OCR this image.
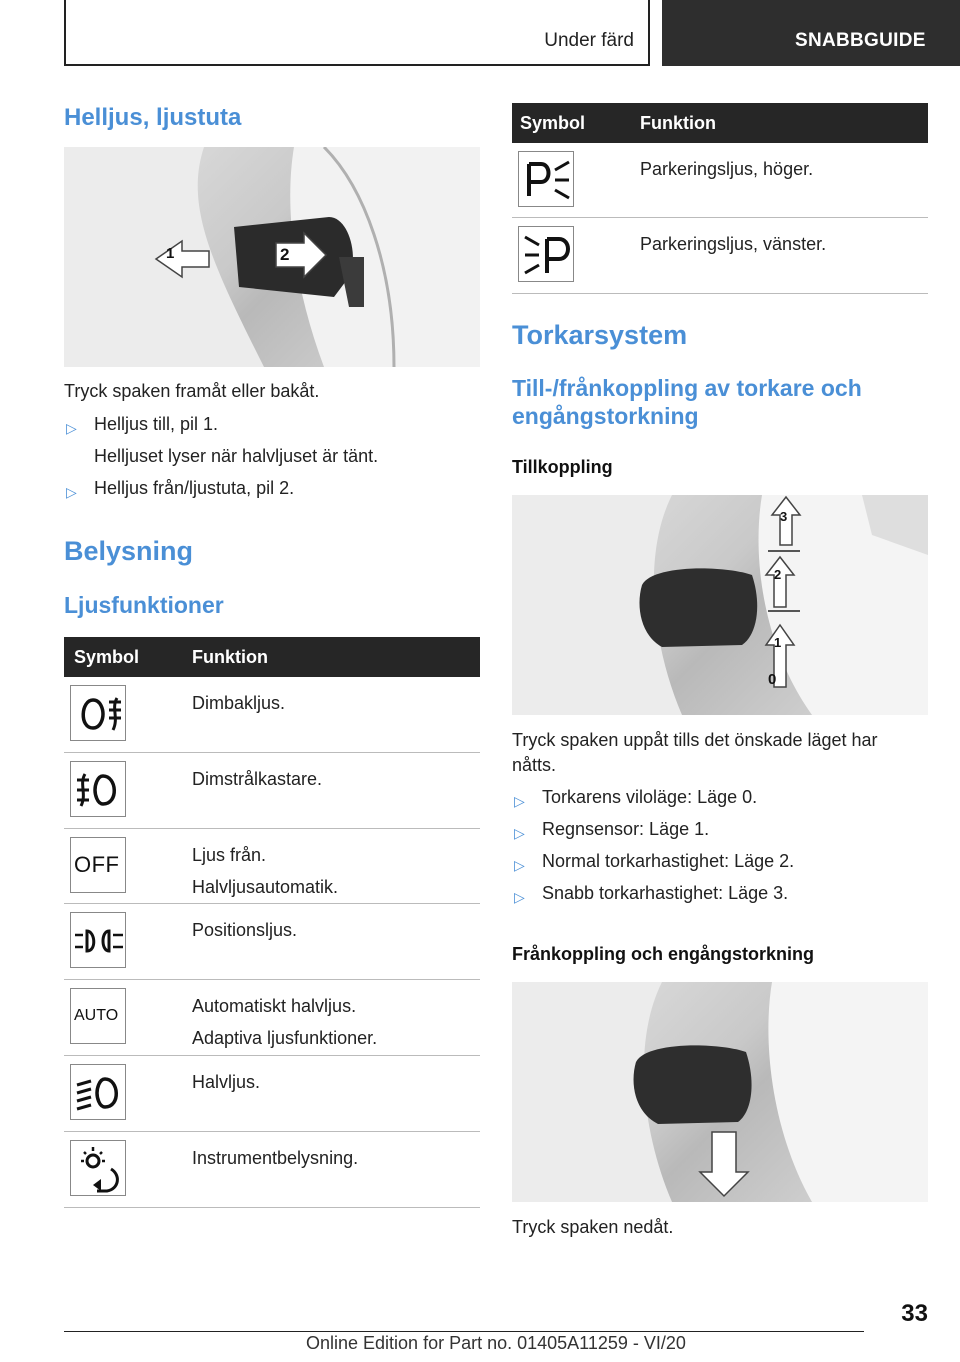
Under färd	SNABBGUIDE
Helljus, ljustuta
1	2
Tryck spaken framåt eller bakåt.
▷ Helljus till, pil 1.
Helljuset lyser när halvljuset är tänt.
▷ Helljus från/ljustuta, pil 2.
Belysning
Ljusfunktioner
Symbol	Funktion
Dimbakljus.
Dimstrålkastare.
OFF	Ljus från.
Halvljusautomatik.
Positionsljus.
AUTO	Automatiskt halvljus.
Adaptiva ljusfunktioner.
Halvljus.
Instrumentbelysning.
Symbol	Funktion
Parkeringsljus, höger.
Parkeringsljus, vänster.
Torkarsystem
Till-/frånkoppling av torkare och
engångstorkning
Tillkoppling
3
2
1
0
Tryck spaken uppåt tills det önskade läget har
nåtts.
▷ Torkarens viloläge: Läge 0.
▷ Regnsensor: Läge 1.
▷ Normal torkarhastighet: Läge 2.
▷ Snabb torkarhastighet: Läge 3.
Frånkoppling och engångstorkning
Tryck spaken nedåt.
33
Online Edition for Part no. 01405A11259 - VI/20
